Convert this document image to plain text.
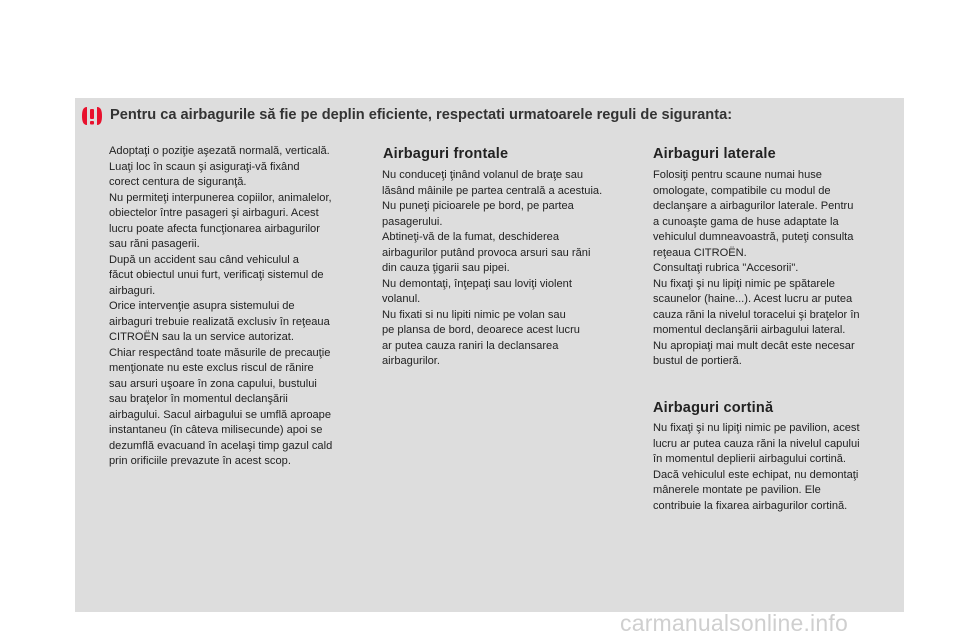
Pentru ca airbagurile să fie pe deplin eficiente, respectati urmatoarele reguli de siguranta:

Adoptaţi o poziţie aşezată normală, verticală.

Luaţi loc în scaun şi asiguraţi-vă fixând

corect centura de siguranţă.

Nu permiteţi interpunerea copiilor, animalelor,

obiectelor între pasageri şi airbaguri. Acest

lucru poate afecta funcţionarea airbagurilor

sau răni pasagerii.

După un accident sau când vehiculul a

făcut obiectul unui furt, verificaţi sistemul de

airbaguri.

Orice intervenţie asupra sistemului de

airbaguri trebuie realizată exclusiv în reţeaua

CITROËN sau la un service autorizat.

Chiar respectând toate măsurile de precauţie

menţionate nu este exclus riscul de rănire

sau arsuri uşoare în zona capului, bustului

sau braţelor în momentul declanşării

airbagului. Sacul airbagului se umflă aproape

instantaneu (în câteva milisecunde) apoi se

dezumflă evacuand în acelaşi timp gazul cald

prin orificiile prevazute în acest scop.

Airbaguri frontale

Nu conduceţi ţinând volanul de braţe sau

lăsând mâinile pe partea centrală a acestuia.

Nu puneţi picioarele pe bord, pe partea

pasagerului.

Abtineţi-vă de la fumat, deschiderea

airbagurilor putând provoca arsuri sau răni

din cauza ţigarii sau pipei.

Nu demontaţi, înţepaţi sau loviţi violent

volanul.

Nu fixati si nu lipiti nimic pe volan sau

pe plansa de bord, deoarece acest lucru

ar putea cauza raniri la declansarea

airbagurilor.

Airbaguri laterale

Folosiţi pentru scaune numai huse

omologate, compatibile cu modul de

declanşare a airbagurilor laterale. Pentru

a cunoaşte gama de huse adaptate la

vehiculul dumneavoastră, puteţi consulta

reţeaua CITROËN.

Consultaţi rubrica "Accesorii".

Nu fixaţi şi nu lipiţi nimic pe spătarele

scaunelor (haine...). Acest lucru ar putea

cauza răni la nivelul toracelui şi braţelor în

momentul declanşării airbagului lateral.

Nu apropiaţi mai mult decât este necesar

bustul de portieră.

Airbaguri cortină

Nu fixaţi şi nu lipiţi nimic pe pavilion, acest

lucru ar putea cauza răni la nivelul capului

în momentul deplierii airbagului cortină.

Dacă vehiculul este echipat, nu demontaţi

mânerele montate pe pavilion. Ele

contribuie la fixarea airbagurilor cortină.

carmanualsonline.info
